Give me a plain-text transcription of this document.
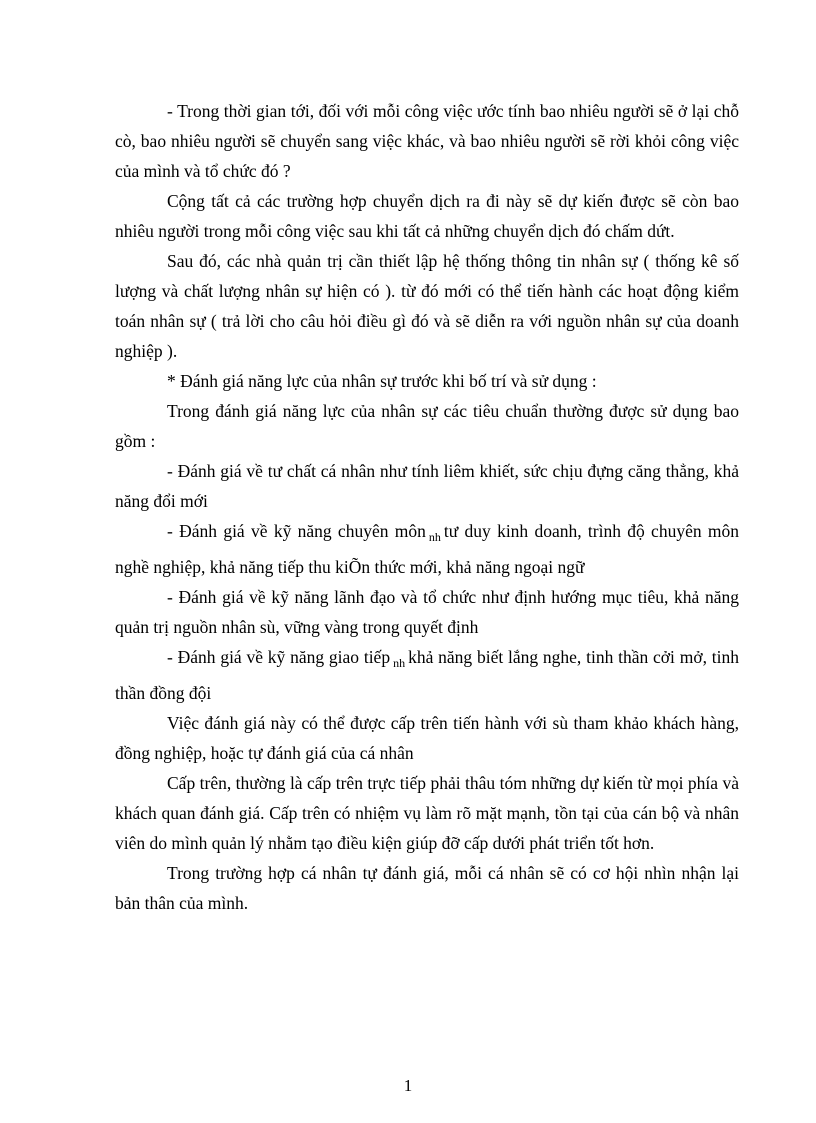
- Trong thời gian tới, đối với mỗi công việc ước tính bao nhiêu người sẽ ở lại chỗ cò, bao nhiêu người sẽ chuyển sang việc khác, và bao nhiêu người sẽ rời khỏi công việc của mình và tổ chức đó ?

Cộng tất cả các trường hợp chuyển dịch ra đi này sẽ dự kiến được sẽ còn bao nhiêu người trong mỗi công việc sau khi tất cả những chuyển dịch đó chấm dứt.

Sau đó, các nhà quản trị cần thiết lập hệ thống thông tin nhân sự ( thống kê số lượng và chất lượng nhân sự hiện có ). từ đó mới có thể tiến hành các hoạt động kiểm toán nhân sự ( trả lời cho câu hỏi điều gì đó và sẽ diễn ra với nguồn nhân sự của doanh nghiệp ).

* Đánh giá năng lực của nhân sự trước khi bố trí và sử dụng :

Trong đánh giá năng lực của nhân sự các tiêu chuẩn thường được sử dụng bao gồm :

- Đánh giá về tư chất cá nhân như tính liêm khiết, sức chịu đựng căng thẳng, khả năng đổi mới

- Đánh giá về kỹ năng chuyên môn $_{nh}$ tư duy kinh doanh, trình độ chuyên môn nghề nghiệp, khả năng tiếp thu kiÕn thức mới, khả năng ngoại ngữ

- Đánh giá về kỹ năng lãnh đạo và tổ chức như định hướng mục tiêu, khả năng quản trị nguồn nhân sù, vững vàng trong quyết định

- Đánh giá về kỹ năng giao tiếp $_{nh}$ khả năng biết lắng nghe, tinh thần cởi mở, tinh thần đồng đội

Việc đánh giá này có thể được cấp trên tiến hành với sù tham khảo khách hàng, đồng nghiệp, hoặc tự đánh giá của cá nhân

Cấp trên, thường là cấp trên trực tiếp phải thâu tóm những dự kiến từ mọi phía và khách quan đánh giá. Cấp trên có nhiệm vụ làm rõ mặt mạnh, tồn tại của cán bộ và nhân viên do mình quản lý nhằm tạo điều kiện giúp đỡ cấp dưới phát triển tốt hơn.

Trong trường hợp cá nhân tự đánh giá, mỗi cá nhân sẽ có cơ hội nhìn nhận lại bản thân của mình.

1
